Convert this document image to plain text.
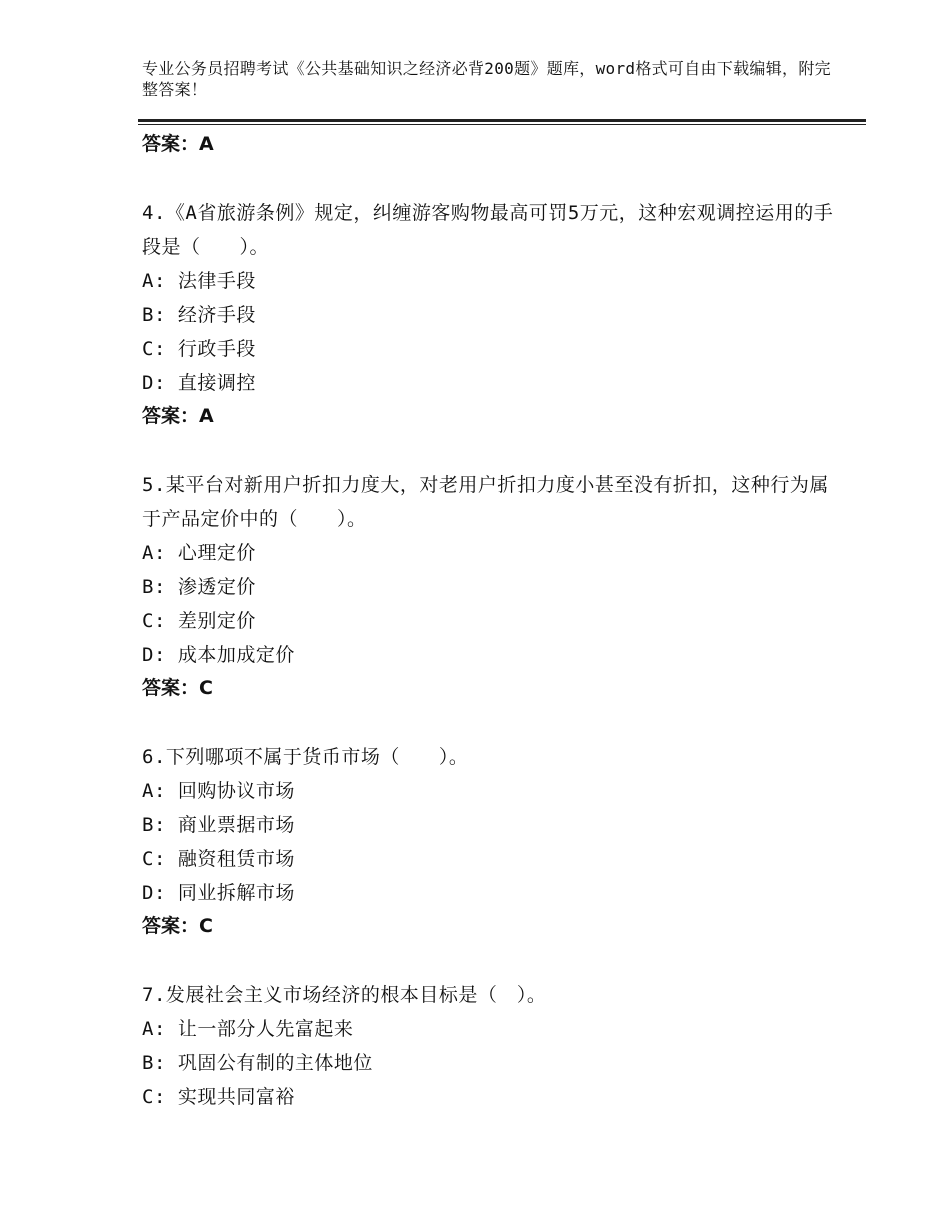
专业公务员招聘考试《公共基础知识之经济必背200题》题库，word格式可自由下载编辑，附完整答案！

答案：A

4.《A省旅游条例》规定，纠缠游客购物最高可罚5万元，这种宏观调控运用的手段是（　　）。

A: 法律手段

B: 经济手段

C: 行政手段

D: 直接调控

答案：A

5.某平台对新用户折扣力度大，对老用户折扣力度小甚至没有折扣，这种行为属于产品定价中的（　　）。

A: 心理定价

B: 渗透定价

C: 差别定价

D: 成本加成定价

答案：C

6.下列哪项不属于货币市场（　　）。

A: 回购协议市场

B: 商业票据市场

C: 融资租赁市场

D: 同业拆解市场

答案：C

7.发展社会主义市场经济的根本目标是（　）。

A: 让一部分人先富起来

B: 巩固公有制的主体地位

C: 实现共同富裕
